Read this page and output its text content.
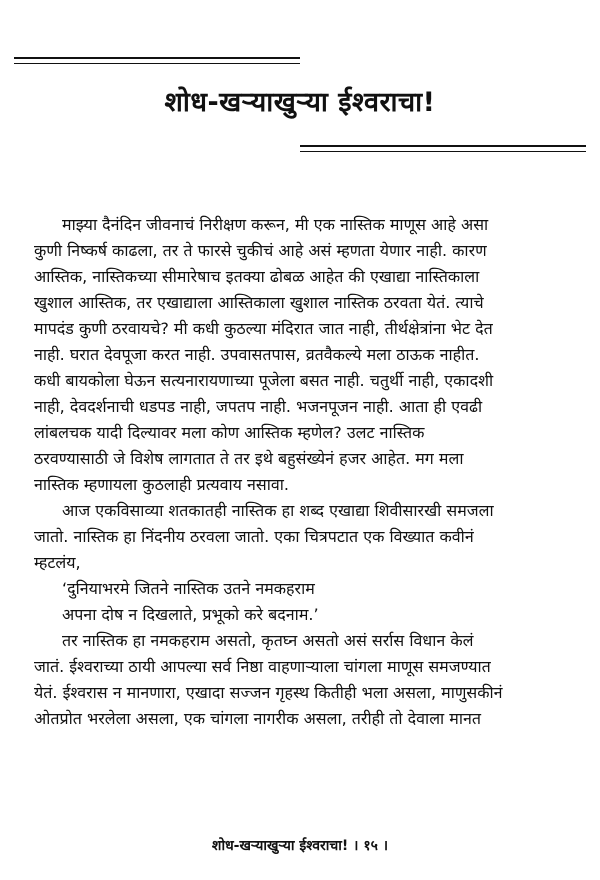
शोध-खऱ्याखुऱ्या ईश्वराचा!
माझ्या दैनंदिन जीवनाचं निरीक्षण करून, मी एक नास्तिक माणूस आहे असा
कुणी निष्कर्ष काढला, तर ते फारसे चुकीचं आहे असं म्हणता येणार नाही. कारण
आस्तिक, नास्तिकच्या सीमारेषाच इतक्या ढोबळ आहेत की एखाद्या नास्तिकाला
खुशाल आस्तिक, तर एखाद्याला आस्तिकाला खुशाल नास्तिक ठरवता येतं. त्याचे
मापदंड कुणी ठरवायचे? मी कधी कुठल्या मंदिरात जात नाही, तीर्थक्षेत्रांना भेट देत
नाही. घरात देवपूजा करत नाही. उपवासतपास, व्रतवैकल्ये मला ठाऊक नाहीत.
कधी बायकोला घेऊन सत्यनारायणाच्या पूजेला बसत नाही. चतुर्थी नाही, एकादशी
नाही, देवदर्शनाची धडपड नाही, जपतप नाही. भजनपूजन नाही. आता ही एवढी
लांबलचक यादी दिल्यावर मला कोण आस्तिक म्हणेल? उलट नास्तिक
ठरवण्यासाठी जे विशेष लागतात ते तर इथे बहुसंख्येनं हजर आहेत. मग मला
नास्तिक म्हणायला कुठलाही प्रत्यवाय नसावा.
आज एकविसाव्या शतकातही नास्तिक हा शब्द एखाद्या शिवीसारखी समजला
जातो. नास्तिक हा निंदनीय ठरवला जातो. एका चित्रपटात एक विख्यात कवीनं
म्हटलंय,
‘दुनियाभरमे जितने नास्तिक उतने नमकहराम
अपना दोष न दिखलाते, प्रभूको करे बदनाम.’
तर नास्तिक हा नमकहराम असतो, कृतघ्न असतो असं सर्रास विधान केलं
जातं. ईश्वराच्या ठायी आपल्या सर्व निष्ठा वाहणाऱ्याला चांगला माणूस समजण्यात
येतं. ईश्वरास न मानणारा, एखादा सज्जन गृहस्थ कितीही भला असला, माणुसकीनं
ओतप्रोत भरलेला असला, एक चांगला नागरीक असला, तरीही तो देवाला मानत
शोध-खऱ्याखुऱ्या ईश्वराचा! । १५ ।
